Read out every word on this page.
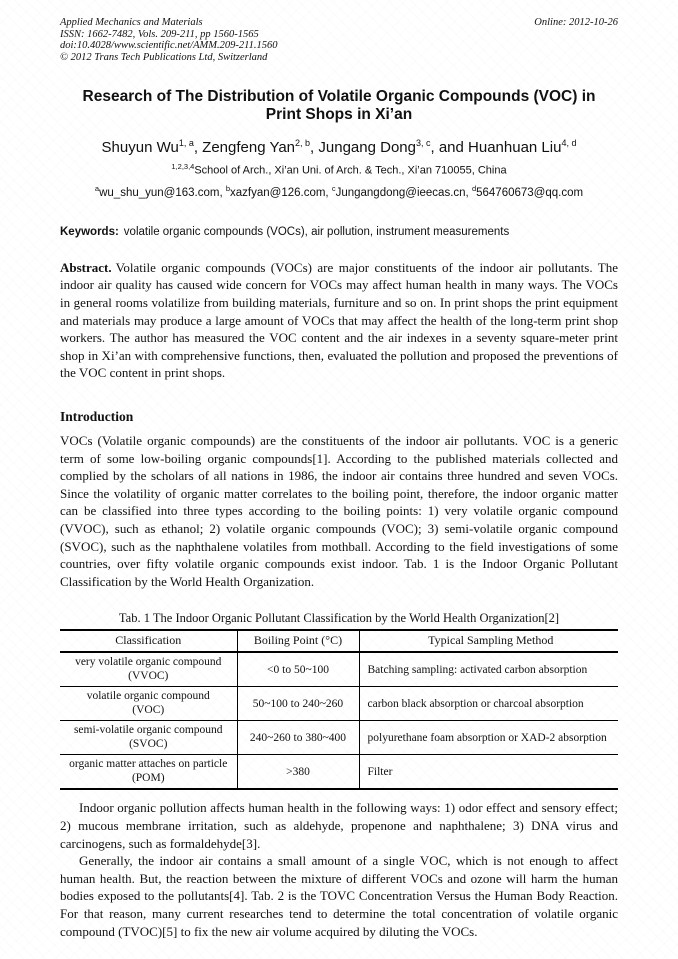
Applied Mechanics and Materials	Online: 2012-10-26
ISSN: 1662-7482, Vols. 209-211, pp 1560-1565
doi:10.4028/www.scientific.net/AMM.209-211.1560
© 2012 Trans Tech Publications Ltd, Switzerland
Research of The Distribution of Volatile Organic Compounds (VOC) in Print Shops in Xi’an
Shuyun Wu$^{1, a}$, Zengfeng Yan$^{2, b}$, Jungang Dong$^{3, c}$, and Huanhuan Liu$^{4, d}$
$^{1,2,3,4}$School of Arch., Xi’an Uni. of Arch. & Tech., Xi’an 710055, China
$^a$wu_shu_yun@163.com, $^b$xazfyan@126.com, $^c$Jungangdong@ieecas.cn, $^d$564760673@qq.com
Keywords: volatile organic compounds (VOCs), air pollution, instrument measurements

Abstract. Volatile organic compounds (VOCs) are major constituents of the indoor air pollutants. The indoor air quality has caused wide concern for VOCs may affect human health in many ways. The VOCs in general rooms volatilize from building materials, furniture and so on. In print shops the print equipment and materials may produce a large amount of VOCs that may affect the health of the long-term print shop workers. The author has measured the VOC content and the air indexes in a seventy square-meter print shop in Xi’an with comprehensive functions, then, evaluated the pollution and proposed the preventions of the VOC content in print shops.

Introduction

VOCs (Volatile organic compounds) are the constituents of the indoor air pollutants. VOC is a generic term of some low-boiling organic compounds[1]. According to the published materials collected and complied by the scholars of all nations in 1986, the indoor air contains three hundred and seven VOCs. Since the volatility of organic matter correlates to the boiling point, therefore, the indoor organic matter can be classified into three types according to the boiling points: 1) very volatile organic compound (VVOC), such as ethanol; 2) volatile organic compounds (VOC); 3) semi-volatile organic compound (SVOC), such as the naphthalene volatiles from mothball. According to the field investigations of some countries, over fifty volatile organic compounds exist indoor. Tab. 1 is the Indoor Organic Pollutant Classification by the World Health Organization.

Tab. 1 The Indoor Organic Pollutant Classification by the World Health Organization[2]
Classification	Boiling Point (°C)	Typical Sampling Method

very volatile organic compound
(VVOC)	<0 to 50~100	Batching sampling: activated carbon absorption

volatile organic compound
(VOC)	50~100 to 240~260	carbon black absorption or charcoal absorption

semi-volatile organic compound
(SVOC)	240~260 to 380~400	polyurethane foam absorption or XAD-2 absorption

organic matter attaches on particle
(POM)	>380	Filter

Indoor organic pollution affects human health in the following ways: 1) odor effect and sensory effect; 2) mucous membrane irritation, such as aldehyde, propenone and naphthalene; 3) DNA virus and carcinogens, such as formaldehyde[3].

Generally, the indoor air contains a small amount of a single VOC, which is not enough to affect human health. But, the reaction between the mixture of different VOCs and ozone will harm the human bodies exposed to the pollutants[4]. Tab. 2 is the TOVC Concentration Versus the Human Body Reaction. For that reason, many current researches tend to determine the total concentration of volatile organic compound (TVOC)[5] to fix the new air volume acquired by diluting the VOCs.
